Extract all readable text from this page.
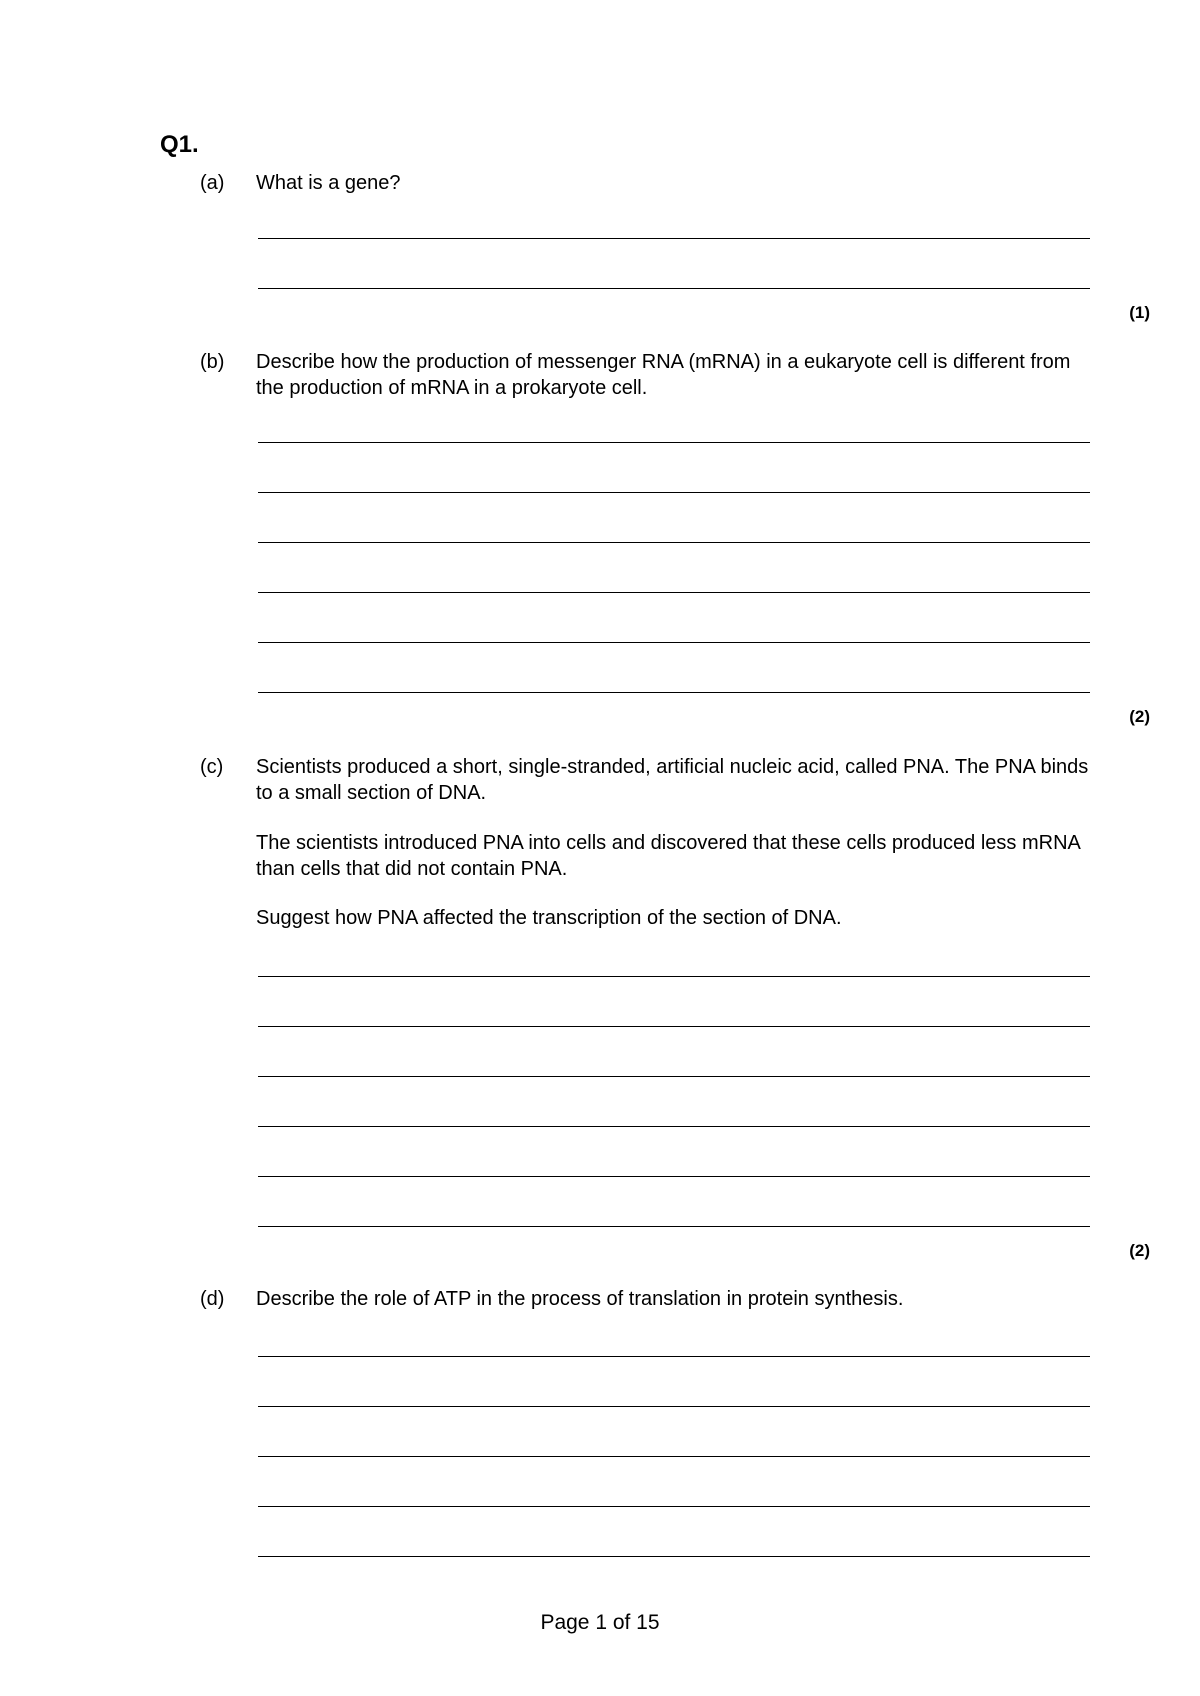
Q1.
(a) What is a gene?

(1)
(b) Describe how the production of messenger RNA (mRNA) in a eukaryote cell is different from the production of mRNA in a prokaryote cell.

(2)
(c) Scientists produced a short, single-stranded, artificial nucleic acid, called PNA. The PNA binds to a small section of DNA.

The scientists introduced PNA into cells and discovered that these cells produced less mRNA than cells that did not contain PNA.

Suggest how PNA affected the transcription of the section of DNA.

(2)
(d) Describe the role of ATP in the process of translation in protein synthesis.

Page 1 of 15
